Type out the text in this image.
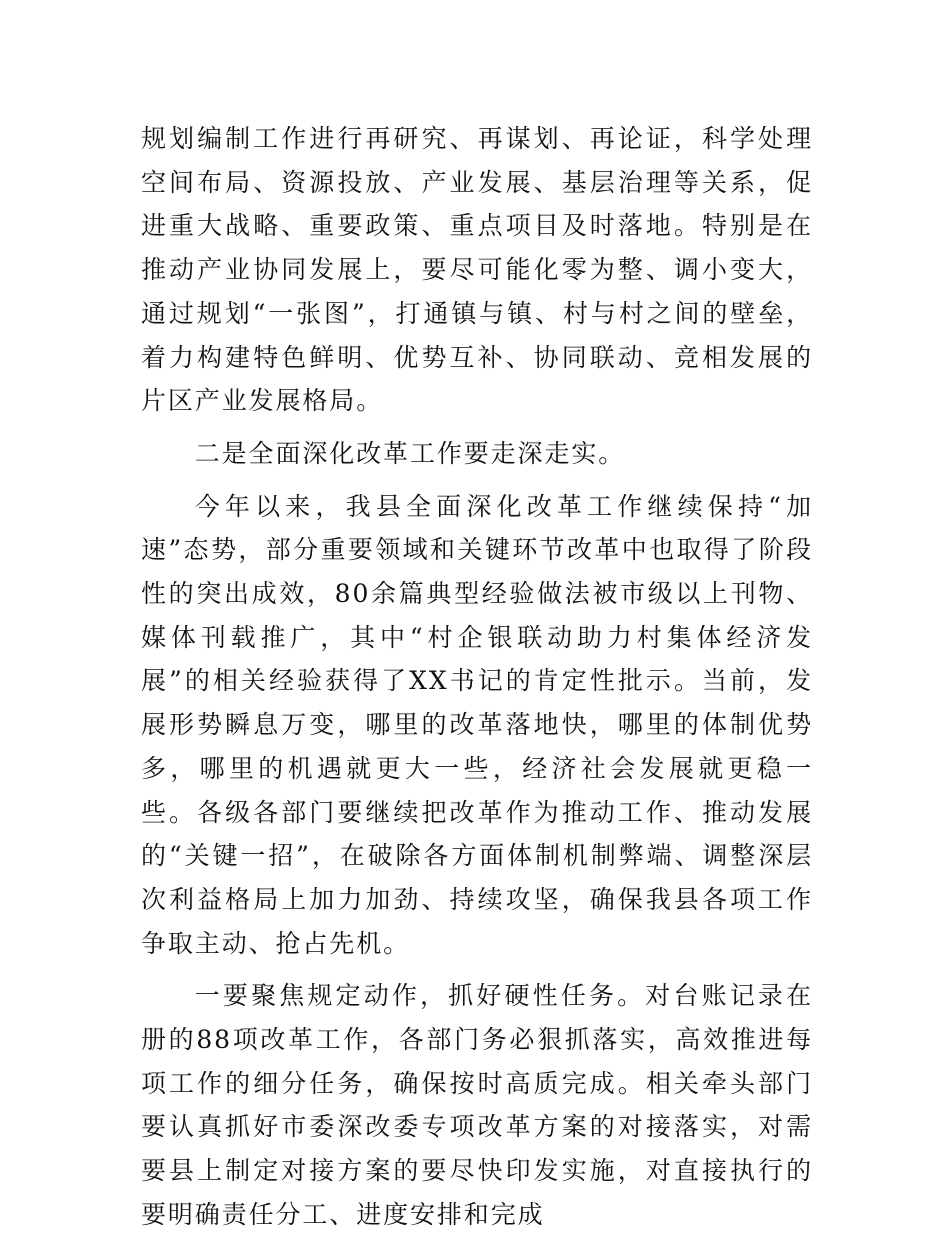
规划编制工作进行再研究、再谋划、再论证，科学处理空间布局、资源投放、产业发展、基层治理等关系，促进重大战略、重要政策、重点项目及时落地。特别是在推动产业协同发展上，要尽可能化零为整、调小变大，通过规划“一张图”，打通镇与镇、村与村之间的壁垒，着力构建特色鲜明、优势互补、协同联动、竞相发展的片区产业发展格局。

二是全面深化改革工作要走深走实。

今年以来，我县全面深化改革工作继续保持“加速”态势，部分重要领域和关键环节改革中也取得了阶段性的突出成效，80余篇典型经验做法被市级以上刊物、媒体刊载推广，其中“村企银联动助力村集体经济发展”的相关经验获得了XX书记的肯定性批示。当前，发展形势瞬息万变，哪里的改革落地快，哪里的体制优势多，哪里的机遇就更大一些，经济社会发展就更稳一些。各级各部门要继续把改革作为推动工作、推动发展的“关键一招”，在破除各方面体制机制弊端、调整深层次利益格局上加力加劲、持续攻坚，确保我县各项工作争取主动、抢占先机。

一要聚焦规定动作，抓好硬性任务。对台账记录在册的88项改革工作，各部门务必狠抓落实，高效推进每项工作的细分任务，确保按时高质完成。相关牵头部门要认真抓好市委深改委专项改革方案的对接落实，对需要县上制定对接方案的要尽快印发实施，对直接执行的要明确责任分工、进度安排和完成
